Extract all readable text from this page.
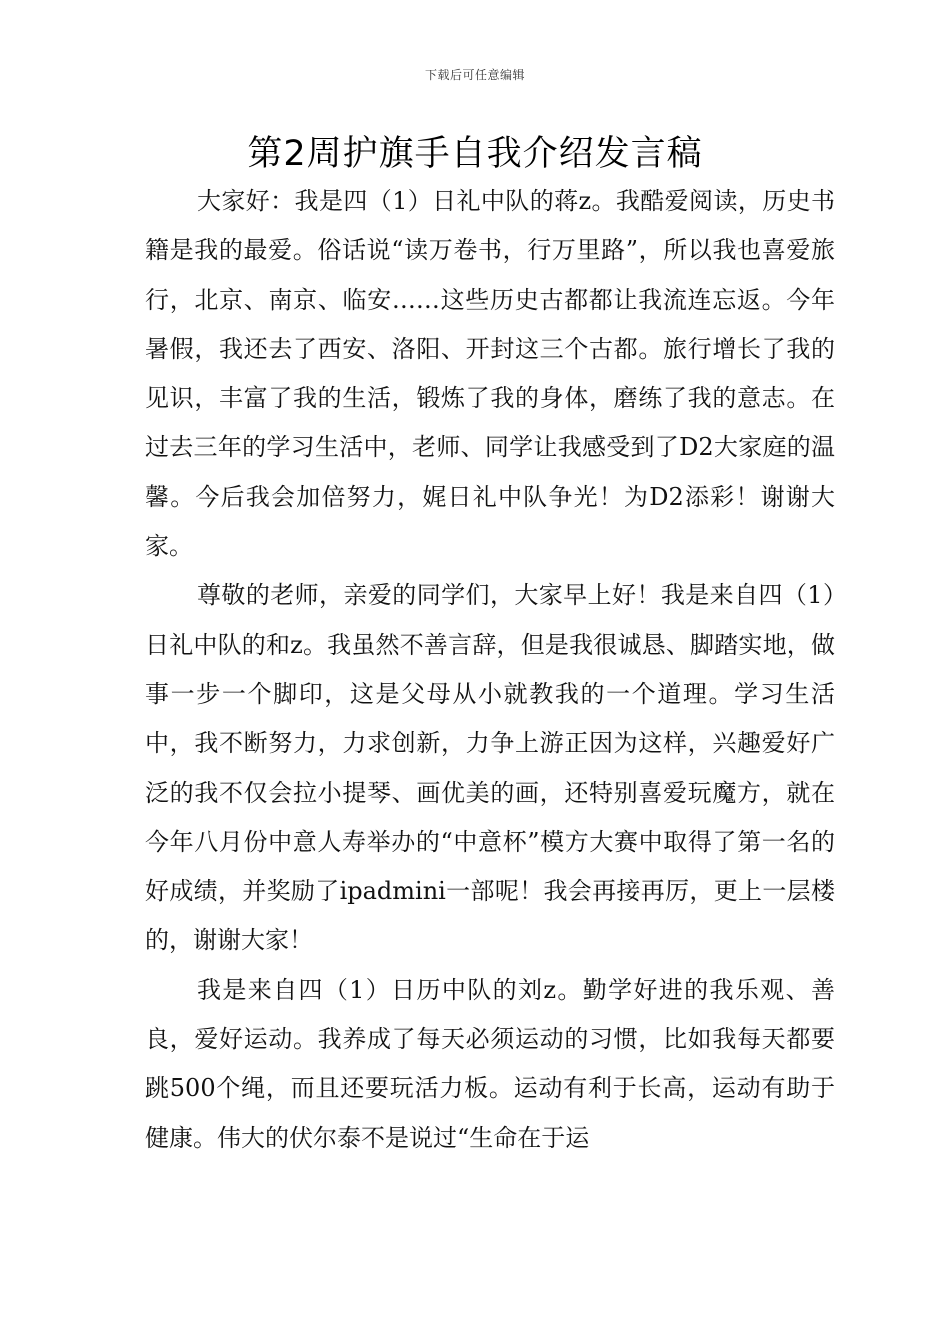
下载后可任意编辑
第2周护旗手自我介绍发言稿

大家好：我是四（1）日礼中队的蒋z。我酷爱阅读，历史书籍是我的最爱。俗话说“读万卷书，行万里路”，所以我也喜爱旅行，北京、南京、临安……这些历史古都都让我流连忘返。今年暑假，我还去了西安、洛阳、开封这三个古都。旅行增长了我的见识，丰富了我的生活，锻炼了我的身体，磨练了我的意志。在过去三年的学习生活中，老师、同学让我感受到了D2大家庭的温馨。今后我会加倍努力，娓日礼中队争光！为D2添彩！谢谢大家。

尊敬的老师，亲爱的同学们，大家早上好！我是来自四（1）日礼中队的和z。我虽然不善言辞，但是我很诚恳、脚踏实地，做事一步一个脚印，这是父母从小就教我的一个道理。学习生活中，我不断努力，力求创新，力争上游正因为这样，兴趣爱好广泛的我不仅会拉小提琴、画优美的画，还特别喜爱玩魔方，就在今年八月份中意人寿举办的“中意杯”模方大赛中取得了第一名的好成绩，并奖励了ipadmini一部呢！我会再接再厉，更上一层楼的，谢谢大家！

我是来自四（1）日历中队的刘z。勤学好进的我乐观、善良，爱好运动。我养成了每天必须运动的习惯，比如我每天都要跳500个绳，而且还要玩活力板。运动有利于长高，运动有助于健康。伟大的伏尔泰不是说过“生命在于运
